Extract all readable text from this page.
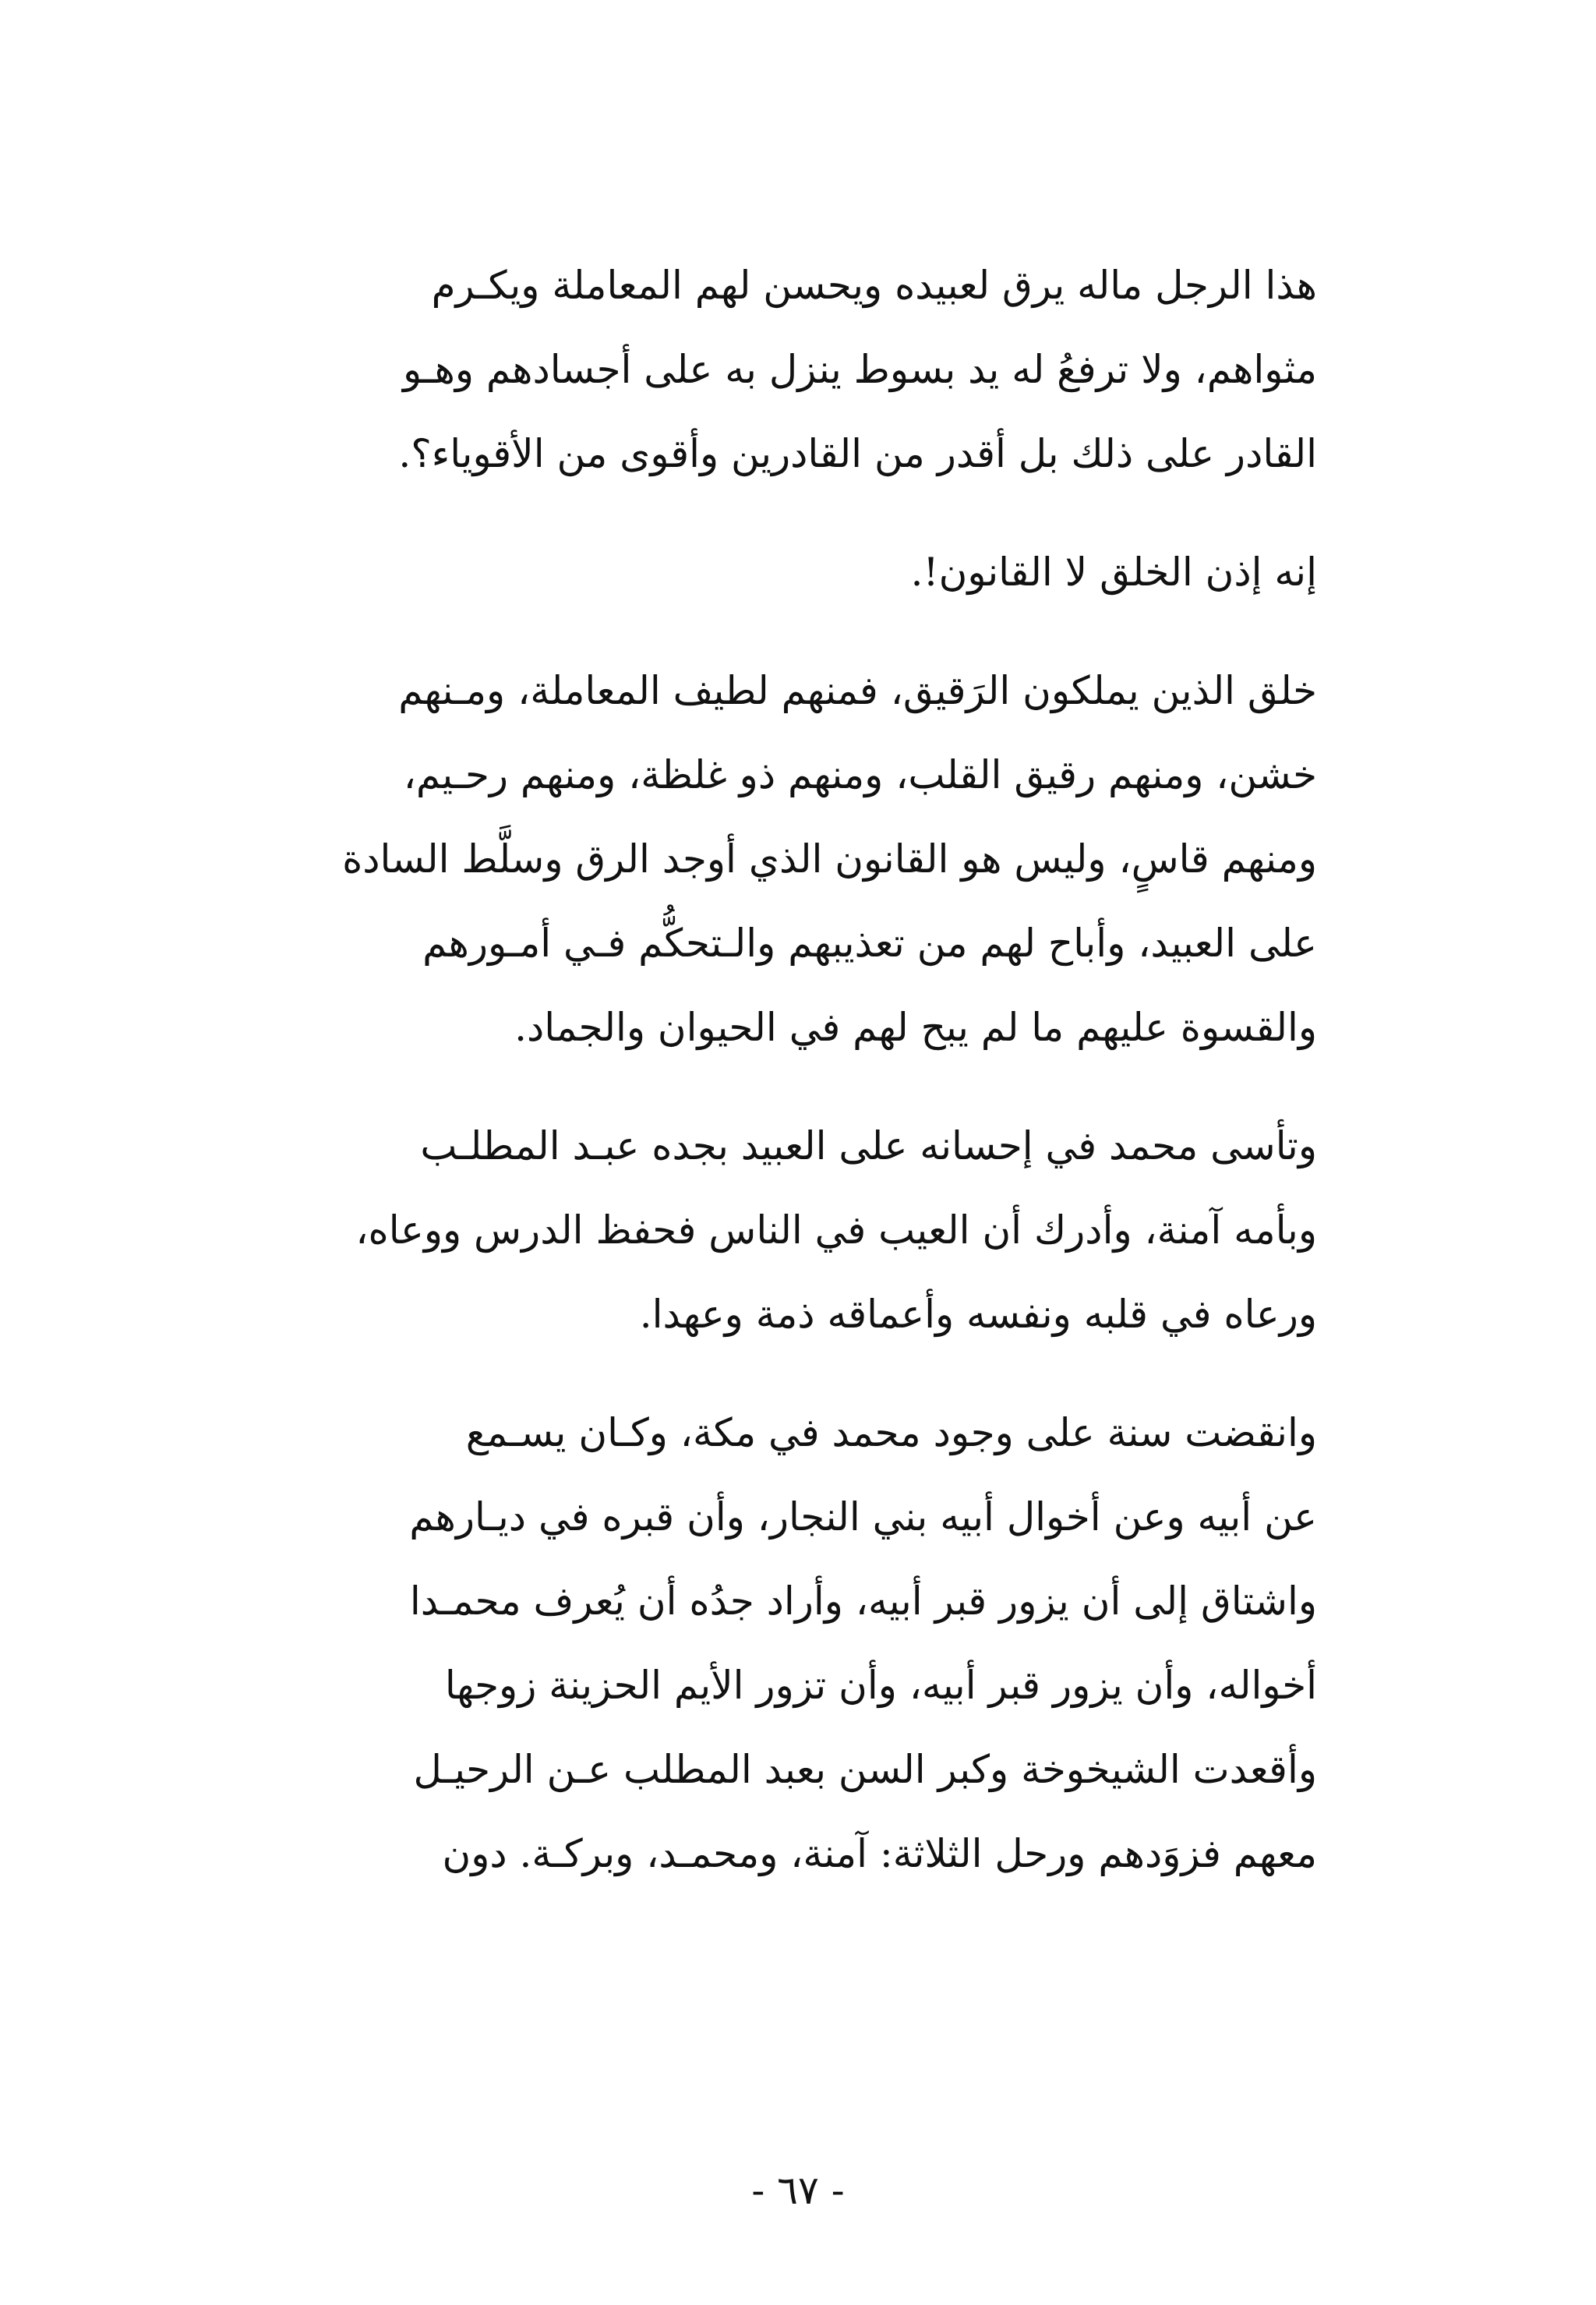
هذا الرجل ماله يرق لعبيده ويحسن لهم المعاملة ويكـرم
مثواهم، ولا ترفعُ له يد بسوط ينزل به على أجسادهم وهـو
القادر على ذلك بل أقدر من القادرين وأقوى من الأقوياء؟.

إنه إذن الخلق لا القانون!.

خلق الذين يملكون الرَقيق، فمنهم لطيف المعاملة، ومـنهم
خشن، ومنهم رقيق القلب، ومنهم ذو غلظة، ومنهم رحـيم،
ومنهم قاسٍ، وليس هو القانون الذي أوجد الرق وسلَّط السادة
على العبيد، وأباح لهم من تعذيبهم والـتحكُّم فـي أمـورهم
والقسوة عليهم ما لم يبح لهم في الحيوان والجماد.

وتأسى محمد في إحسانه على العبيد بجده عبـد المطلـب
وبأمه آمنة، وأدرك أن العيب في الناس فحفظ الدرس ووعاه،
ورعاه في قلبه ونفسه وأعماقه ذمة وعهدا.

وانقضت سنة على وجود محمد في مكة، وكـان يسـمع
عن أبيه وعن أخوال أبيه بني النجار، وأن قبره في ديـارهم
واشتاق إلى أن يزور قبر أبيه، وأراد جدُه أن يُعرف محمـدا
أخواله، وأن يزور قبر أبيه، وأن تزور الأيم الحزينة زوجها
وأقعدت الشيخوخة وكبر السن بعبد المطلب عـن الرحيـل
معهم فزوَدهم ورحل الثلاثة: آمنة، ومحمـد، وبركـة. دون

- ٦٧ -
